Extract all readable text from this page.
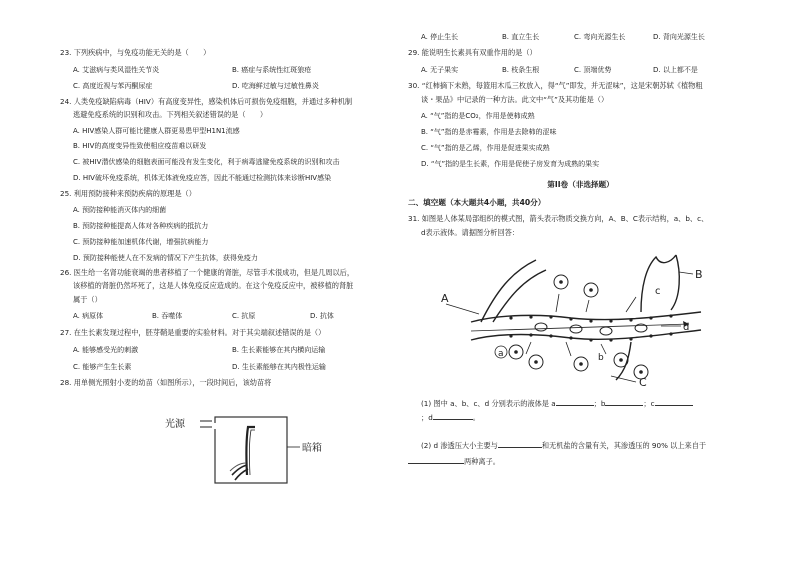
23. 下列疾病中，与免疫功能无关的是（　　）
A. 艾滋病与类风湿性关节炎	B. 癌症与系统性红斑狼疮
C. 高度近视与苯丙酮尿症	D. 吃海鲜过敏与过敏性鼻炎
24. 人类免疫缺陷病毒（HIV）有高度变异性，感染机体后可损伤免疫细胞，并通过多种机制
逃避免疫系统的识别和攻击。下列相关叙述错误的是（　　）
A. HIV感染人群可能比健康人群更易患甲型H1N1流感
B. HIV的高度变异性致使相应疫苗难以研发
C. 被HIV潜伏感染的细胞表面可能没有发生变化，利于病毒逃避免疫系统的识别和攻击
D. HIV破坏免疫系统，机体无体液免疫应答，因此不能通过检测抗体来诊断HIV感染
25. 利用预防接种来预防疾病的原理是（）
A. 预防接种能消灭体内的细菌
B. 预防接种能提高人体对各种疾病的抵抗力
C. 预防接种能加速机体代谢，增强抗病能力
D. 预防接种能使人在不发病的情况下产生抗体，获得免疫力
26. 医生给一名肾功能衰竭的患者移植了一个健康的肾脏，尽管手术很成功，但是几周以后，
该移植的肾脏仍然坏死了，这是人体免疫反应造成的。在这个免疫反应中，被移植的肾脏
属于（）
A. 病原体	B. 吞噬体	C. 抗原	D. 抗体
27. 在生长素发现过程中，胚芽鞘是重要的实验材料。对于其尖端叙述错误的是（）
A. 能够感受光的刺激	B. 生长素能够在其内横向运输
C. 能够产生生长素	D. 生长素能够在其内极性运输
28. 用单侧光照射小麦的幼苗（如图所示），一段时间后，该幼苗将
光源
暗箱
A. 停止生长	B. 直立生长	C. 弯向光源生长	D. 背向光源生长
29. 能说明生长素具有双重作用的是（）
A. 无子果实	B. 枝条生根	C. 顶端优势	D. 以上都不是
30. “红柿摘下未熟，每篮用木瓜三枚放入，得“气”即发，并无涩味”，这是宋朝苏轼《植物粗
谈・果品》中记录的一种方法。此文中“气”及其功能是（）
A. “气”指的是CO₂，作用是使柿成熟
B. “气”指的是赤霉素，作用是去除柿的涩味
C. “气”指的是乙烯，作用是促进果实成熟
D. “气”指的是生长素，作用是促使子房发育为成熟的果实
第II卷（非选择题）
二、填空题（本大题共4小题，共40分）
31. 如图是人体某局部组织的模式图，箭头表示物质交换方向，A、B、C表示结构，a、b、c、
d表示液体。请据图分析回答：
A
c
B
C
d
a	b
(1) 图中 a、b、c、d 分别表示的液体是 a	；b	；c
；d	。
(2) d 渗透压大小主要与	和无机盐的含量有关，其渗透压的 90% 以上来自于
两种离子。
